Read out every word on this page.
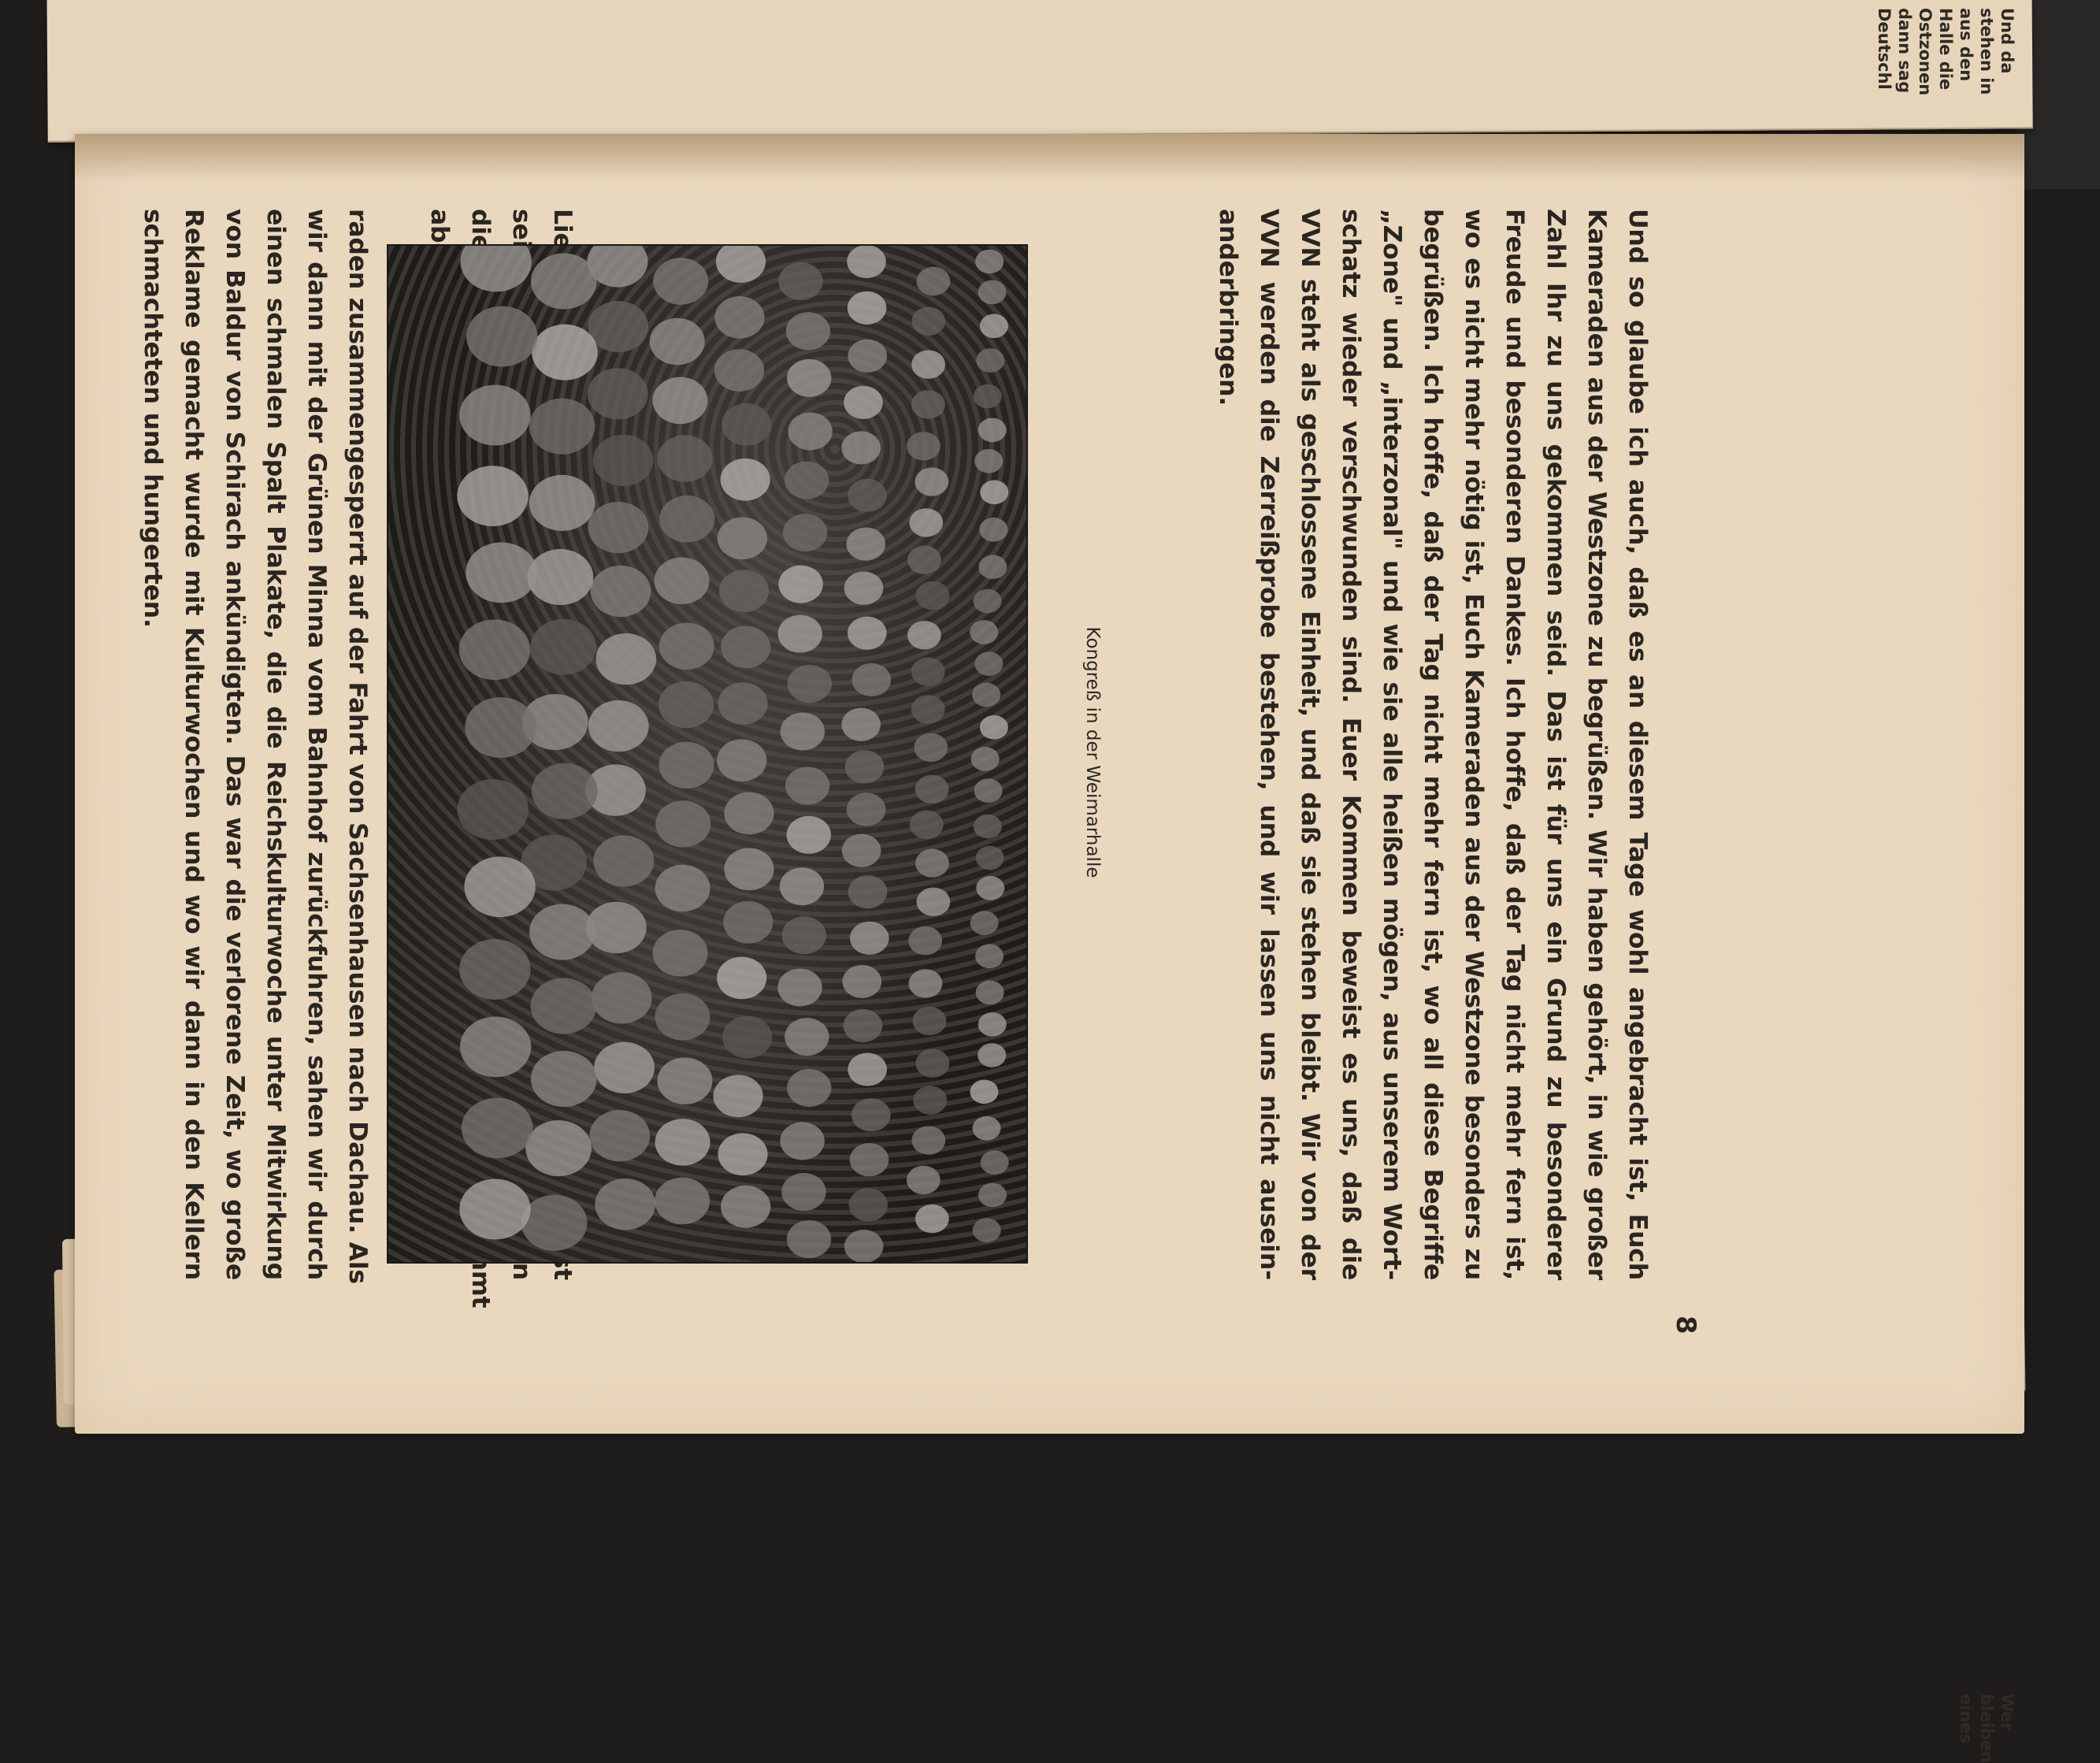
Und da
stehen in
aus den
Halle die
Ostzonen
dann sag
Deutschl
Wer
bleiben
eines

raden zusammengesperrt auf der Fahrt von Sachsenhausen nach Dachau. Als
wir dann mit der Grünen Minna vom Bahnhof zurückfuhren, sahen wir durch
einen schmalen Spalt Plakate, die die Reichskulturwoche unter Mitwirkung
von Baldur von Schirach ankündigten. Das war die verlorene Zeit, wo große
Reklame gemacht wurde mit Kulturwochen und wo wir dann in den Kellern
schmachteten und hungerten.

Kongreß in der Weimarhalle	Und so glaube ich auch, daß es an diesem Tage wohl angebracht ist, Euch
Kameraden aus der Westzone zu begrüßen. Wir haben gehört, in wie großer
Zahl Ihr zu uns gekommen seid. Das ist für uns ein Grund zu besonderer
Freude und besonderen Dankes. Ich hoffe, daß der Tag nicht mehr fern ist,
wo es nicht mehr nötig ist, Euch Kameraden aus der Westzone besonders zu
begrüßen. Ich hoffe, daß der Tag nicht mehr fern ist, wo all diese Begriffe
„Zone" und „interzonal" und wie sie alle heißen mögen, aus unserem Wort-
schatz wieder verschwunden sind. Euer Kommen beweist es uns, daß die
VVN steht als geschlossene Einheit, und daß sie stehen bleibt. Wir von der
VVN werden die Zerreißprobe bestehen, und wir lassen uns nicht ausein-
anderbringen.

8
